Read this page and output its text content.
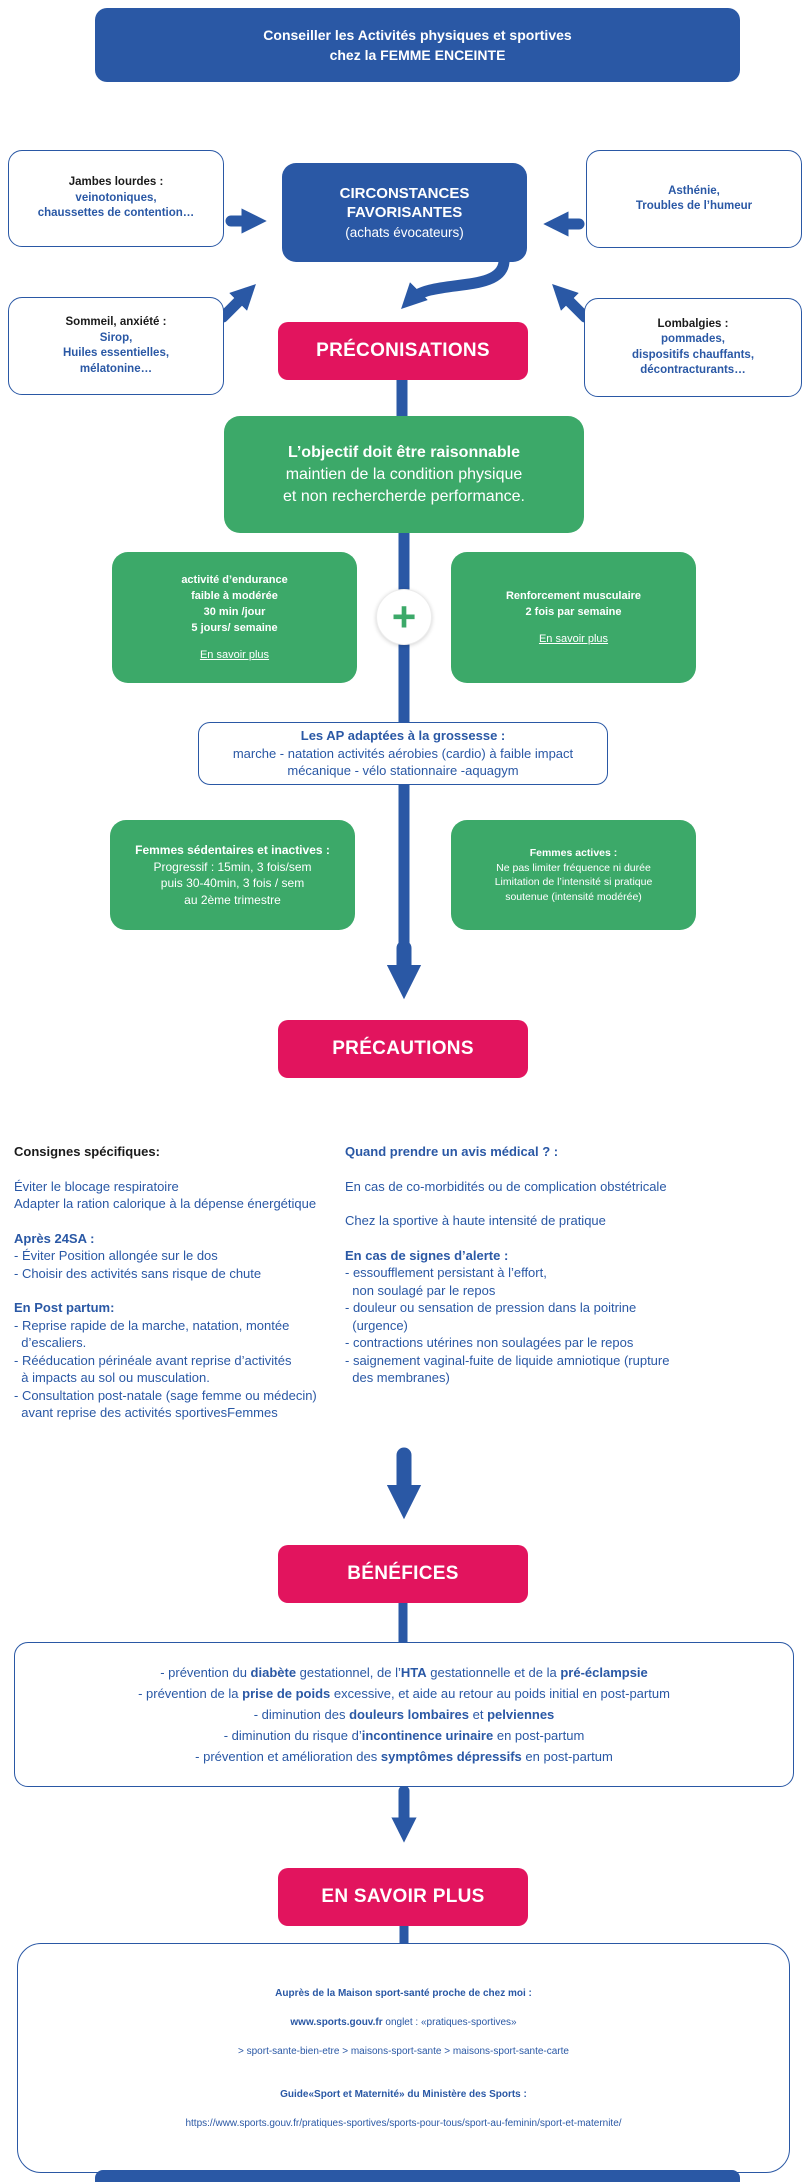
Conseiller les Activités physiques et sportives
chez la FEMME ENCEINTE
Jambes lourdes :
veinotoniques,
chaussettes de contention…
Asthénie,
Troubles de l’humeur
Sommeil, anxiété :
Sirop,
Huiles essentielles,
mélatonine…
Lombalgies :
pommades,
dispositifs chauffants,
décontracturants…
CIRCONSTANCES
FAVORISANTES
(achats évocateurs)
PRÉCONISATIONS
L’objectif doit être raisonnable
maintien de la condition physique
et non rechercherde performance.
activité d’endurance
faible à modérée
30 min /jour
5 jours/ semaine
En savoir plus
Renforcement musculaire
2 fois par semaine
En savoir plus
+
Les AP adaptées à la grossesse :
marche - natation activités aérobies (cardio) à faible impact
mécanique - vélo stationnaire -aquagym
Femmes sédentaires et inactives :
Progressif : 15min, 3 fois/sem
puis 30-40min, 3 fois / sem
au 2ème trimestre
Femmes actives :
Ne pas limiter fréquence ni durée
Limitation de l’intensité si pratique
soutenue (intensité modérée)
PRÉCAUTIONS
Consignes spécifiques:
Éviter le blocage respiratoire
Adapter la ration calorique à la dépense énergétique
Après 24SA :
- Éviter Position allongée sur le dos
- Choisir des activités sans risque de chute
En Post partum:
- Reprise rapide de la marche, natation, montée
d’escaliers.
- Rééducation périnéale avant reprise d’activités
à impacts au sol ou musculation.
- Consultation post-natale (sage femme ou médecin)
avant reprise des activités sportivesFemmes
Quand prendre un avis médical ? :
En cas de co-morbidités ou de complication obstétricale
Chez la sportive à haute intensité de pratique
En cas de signes d’alerte :
- essoufflement persistant à l’effort,
non soulagé par le repos
- douleur ou sensation de pression dans la poitrine
(urgence)
- contractions utérines non soulagées par le repos
- saignement vaginal-fuite de liquide amniotique (rupture
des membranes)
BÉNÉFICES
- prévention du diabète gestationnel, de l’HTA gestationnelle et de la pré-éclampsie
- prévention de la prise de poids excessive, et aide au retour au poids initial en post-partum
- diminution des douleurs lombaires et pelviennes
- diminution du risque d’incontinence urinaire en post-partum
- prévention et amélioration des symptômes dépressifs en post-partum
EN SAVOIR PLUS
Auprès de la Maison sport-santé proche de chez moi :
www.sports.gouv.fr onglet : «pratiques-sportives»
> sport-sante-bien-etre > maisons-sport-sante > maisons-sport-sante-carte
Guide«Sport et Maternité» du Ministère des Sports :
https://www.sports.gouv.fr/pratiques-sportives/sports-pour-tous/sport-au-feminin/sport-et-maternite/
